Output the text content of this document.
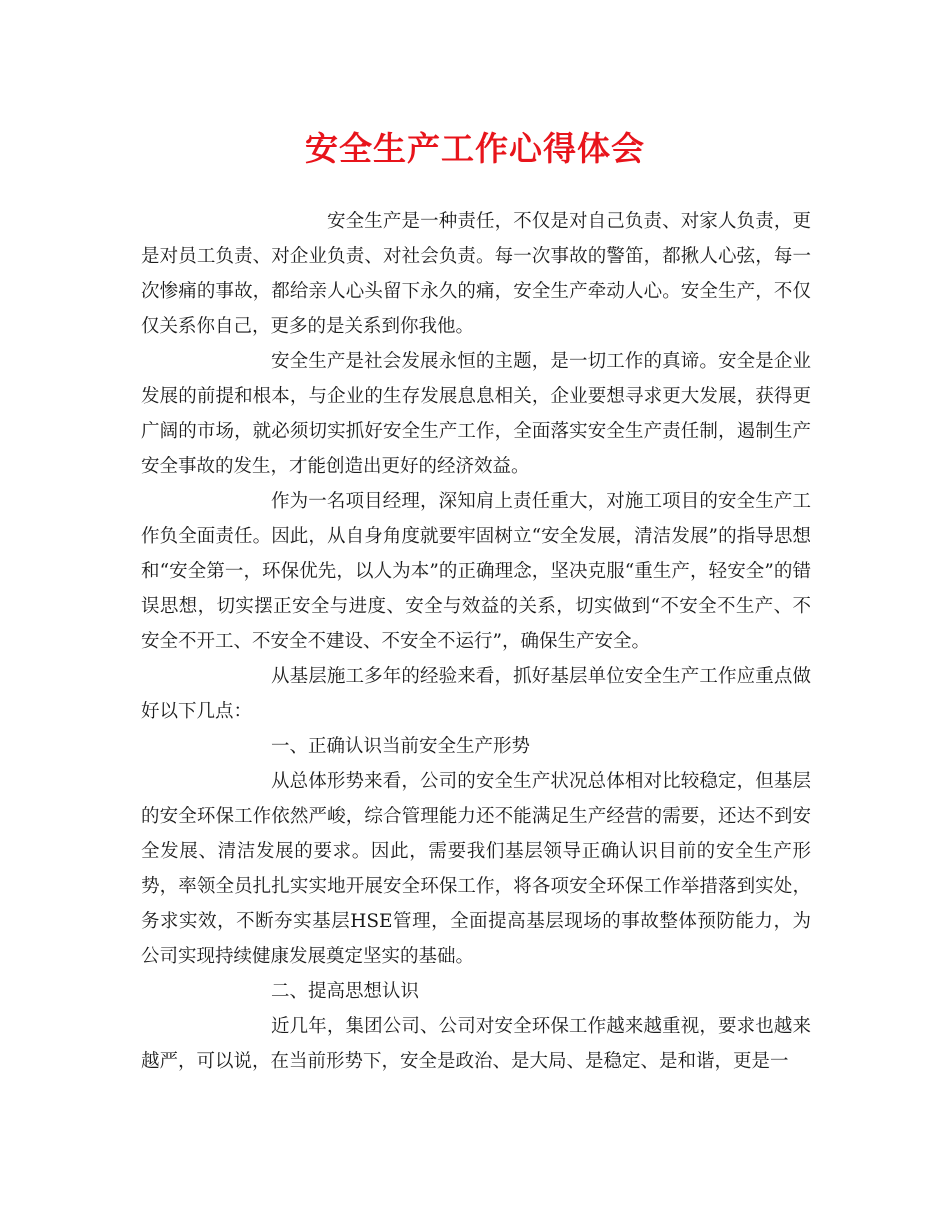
安全生产工作心得体会

安全生产是一种责任，不仅是对自己负责、对家人负责，更是对员工负责、对企业负责、对社会负责。每一次事故的警笛，都揪人心弦，每一次惨痛的事故，都给亲人心头留下永久的痛，安全生产牵动人心。安全生产，不仅仅关系你自己，更多的是关系到你我他。

安全生产是社会发展永恒的主题，是一切工作的真谛。安全是企业发展的前提和根本，与企业的生存发展息息相关，企业要想寻求更大发展，获得更广阔的市场，就必须切实抓好安全生产工作，全面落实安全生产责任制，遏制生产安全事故的发生，才能创造出更好的经济效益。

作为一名项目经理，深知肩上责任重大，对施工项目的安全生产工作负全面责任。因此，从自身角度就要牢固树立“安全发展，清洁发展”的指导思想和“安全第一，环保优先，以人为本”的正确理念，坚决克服“重生产，轻安全”的错误思想，切实摆正安全与进度、安全与效益的关系，切实做到“不安全不生产、不安全不开工、不安全不建设、不安全不运行”，确保生产安全。

从基层施工多年的经验来看，抓好基层单位安全生产工作应重点做好以下几点：

一、正确认识当前安全生产形势

从总体形势来看，公司的安全生产状况总体相对比较稳定，但基层的安全环保工作依然严峻，综合管理能力还不能满足生产经营的需要，还达不到安全发展、清洁发展的要求。因此，需要我们基层领导正确认识目前的安全生产形势，率领全员扎扎实实地开展安全环保工作，将各项安全环保工作举措落到实处，务求实效，不断夯实基层HSE管理，全面提高基层现场的事故整体预防能力，为公司实现持续健康发展奠定坚实的基础。

二、提高思想认识

近几年，集团公司、公司对安全环保工作越来越重视，要求也越来越严，可以说，在当前形势下，安全是政治、是大局、是稳定、是和谐，更是一
